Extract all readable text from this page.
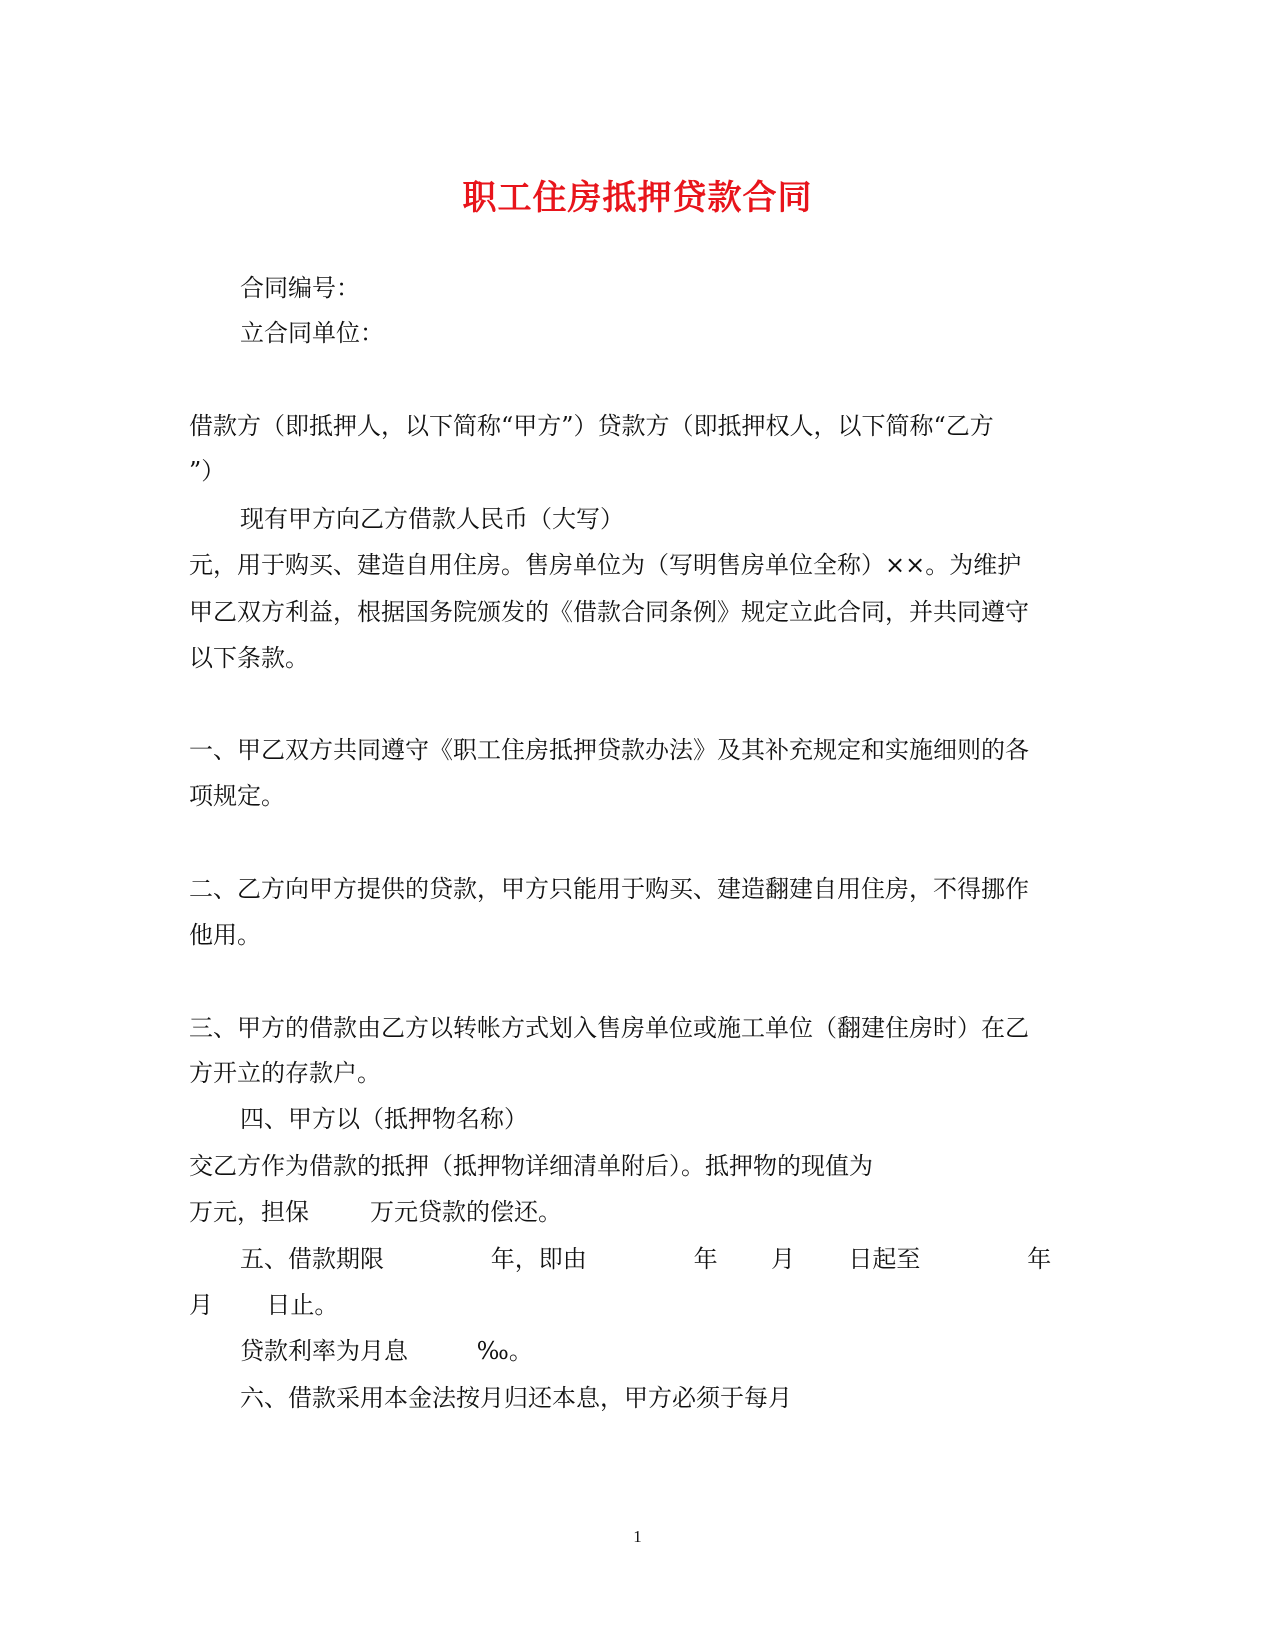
职工住房抵押贷款合同
合同编号：
立合同单位：
借款方（即抵押人，以下简称“甲方”）贷款方（即抵押权人，以下简称“乙方
”）
现有甲方向乙方借款人民币（大写）
元，用于购买、建造自用住房。售房单位为（写明售房单位全称）××。为维护
甲乙双方利益，根据国务院颁发的《借款合同条例》规定立此合同，并共同遵守
以下条款。
一、甲乙双方共同遵守《职工住房抵押贷款办法》及其补充规定和实施细则的各
项规定。
二、乙方向甲方提供的贷款，甲方只能用于购买、建造翻建自用住房，不得挪作
他用。
三、甲方的借款由乙方以转帐方式划入售房单位或施工单位（翻建住房时）在乙
方开立的存款户。
四、甲方以（抵押物名称）
交乙方作为借款的抵押（抵押物详细清单附后）。抵押物的现值为
万元，担保        万元贷款的偿还。
五、借款期限              年，即由              年       月       日起至              年
月       日止。
贷款利率为月息         ‰。
六、借款采用本金法按月归还本息，甲方必须于每月
1
